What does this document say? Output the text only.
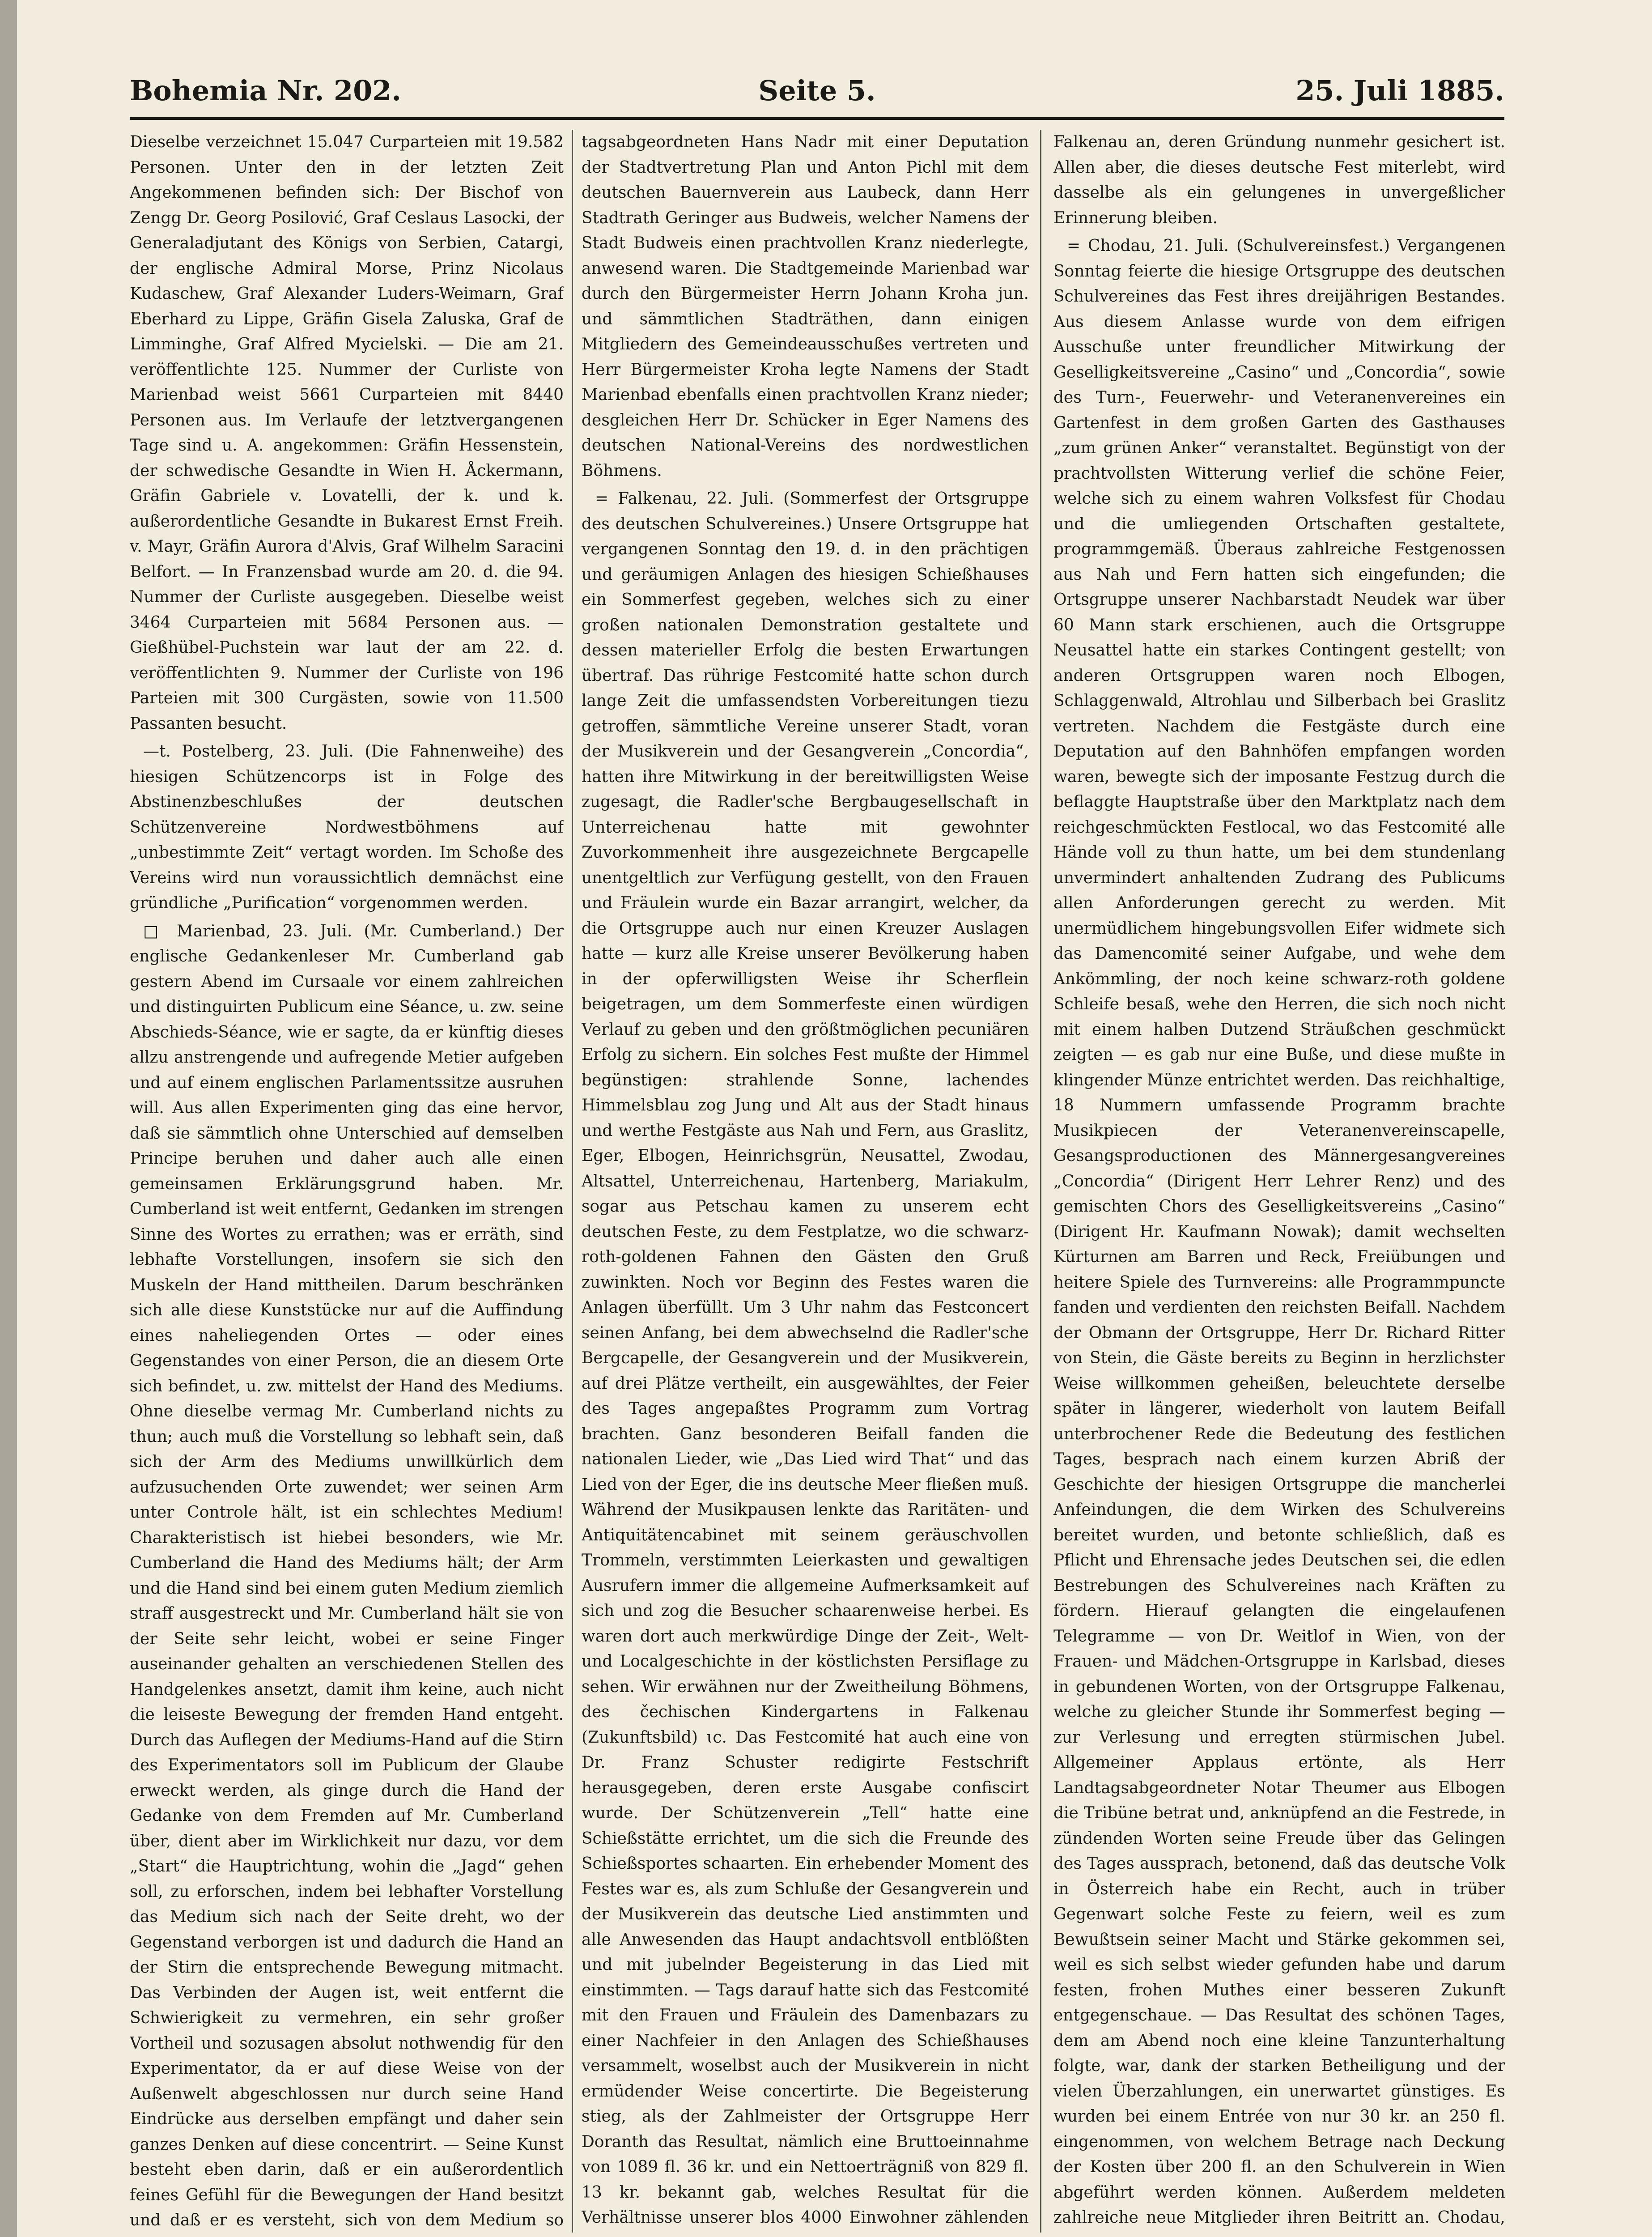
Bohemia Nr. 202.	Seite 5.	25. Juli 1885.

Dieselbe verzeichnet 15.047 Curparteien mit 19.582 Personen. Unter den in der letzten Zeit Angekommenen befinden sich: Der Bischof von Zengg Dr. Georg Posilović, Graf Ceslaus Lasocki, der Generaladjutant des Königs von Serbien, Catargi, der englische Admiral Morse, Prinz Nicolaus Kudaschew, Graf Alexander Luders-Weimarn, Graf Eberhard zu Lippe, Gräfin Gisela Zaluska, Graf de Limminghe, Graf Alfred Mycielski. — Die am 21. veröffentlichte 125. Nummer der Curliste von Marienbad weist 5661 Curparteien mit 8440 Personen aus. Im Verlaufe der letztvergangenen Tage sind u. A. angekommen: Gräfin Hessenstein, der schwedische Gesandte in Wien H. Åckermann, Gräfin Gabriele v. Lovatelli, der k. und k. außerordentliche Gesandte in Bukarest Ernst Freih. v. Mayr, Gräfin Aurora d'Alvis, Graf Wilhelm Saracini Belfort. — In Franzensbad wurde am 20. d. die 94. Nummer der Curliste ausgegeben. Dieselbe weist 3464 Curparteien mit 5684 Personen aus. — Gießhübel-Puchstein war laut der am 22. d. veröffentlichten 9. Nummer der Curliste von 196 Parteien mit 300 Curgästen, sowie von 11.500 Passanten besucht.

—t. Postelberg, 23. Juli. (Die Fahnenweihe) des hiesigen Schützencorps ist in Folge des Abstinenzbeschlußes der deutschen Schützenvereine Nordwestböhmens auf „unbestimmte Zeit“ vertagt worden. Im Schoße des Vereins wird nun voraussichtlich demnächst eine gründliche „Purification“ vorgenommen werden.

□ Marienbad, 23. Juli. (Mr. Cumberland.) Der englische Gedankenleser Mr. Cumberland gab gestern Abend im Cursaale vor einem zahlreichen und distinguirten Publicum eine Séance, u. zw. seine Abschieds-Séance, wie er sagte, da er künftig dieses allzu anstrengende und aufregende Metier aufgeben und auf einem englischen Parlamentssitze ausruhen will. Aus allen Experimenten ging das eine hervor, daß sie sämmtlich ohne Unterschied auf demselben Principe beruhen und daher auch alle einen gemeinsamen Erklärungsgrund haben. Mr. Cumberland ist weit entfernt, Gedanken im strengen Sinne des Wortes zu errathen; was er erräth, sind lebhafte Vorstellungen, insofern sie sich den Muskeln der Hand mittheilen. Darum beschränken sich alle diese Kunststücke nur auf die Auffindung eines naheliegenden Ortes — oder eines Gegenstandes von einer Person, die an diesem Orte sich befindet, u. zw. mittelst der Hand des Mediums. Ohne dieselbe vermag Mr. Cumberland nichts zu thun; auch muß die Vorstellung so lebhaft sein, daß sich der Arm des Mediums unwillkürlich dem aufzusuchenden Orte zuwendet; wer seinen Arm unter Controle hält, ist ein schlechtes Medium! Charakteristisch ist hiebei besonders, wie Mr. Cumberland die Hand des Mediums hält; der Arm und die Hand sind bei einem guten Medium ziemlich straff ausgestreckt und Mr. Cumberland hält sie von der Seite sehr leicht, wobei er seine Finger auseinander gehalten an verschiedenen Stellen des Handgelenkes ansetzt, damit ihm keine, auch nicht die leiseste Bewegung der fremden Hand entgeht. Durch das Auflegen der Mediums-Hand auf die Stirn des Experimentators soll im Publicum der Glaube erweckt werden, als ginge durch die Hand der Gedanke von dem Fremden auf Mr. Cumberland über, dient aber im Wirklichkeit nur dazu, vor dem „Start“ die Hauptrichtung, wohin die „Jagd“ gehen soll, zu erforschen, indem bei lebhafter Vorstellung das Medium sich nach der Seite dreht, wo der Gegenstand verborgen ist und dadurch die Hand an der Stirn die entsprechende Bewegung mitmacht. Das Verbinden der Augen ist, weit entfernt die Schwierigkeit zu vermehren, ein sehr großer Vortheil und sozusagen absolut nothwendig für den Experimentator, da er auf diese Weise von der Außenwelt abgeschlossen nur durch seine Hand Eindrücke aus derselben empfängt und daher sein ganzes Denken auf diese concentrirt. — Seine Kunst besteht eben darin, daß er ein außerordentlich feines Gefühl für die Bewegungen der Hand besitzt und daß er es versteht, sich von dem Medium so

tagsabgeordneten Hans Nadr mit einer Deputation der Stadtvertretung Plan und Anton Pichl mit dem deutschen Bauernverein aus Laubeck, dann Herr Stadtrath Geringer aus Budweis, welcher Namens der Stadt Budweis einen prachtvollen Kranz niederlegte, anwesend waren. Die Stadtgemeinde Marienbad war durch den Bürgermeister Herrn Johann Kroha jun. und sämmtlichen Stadträthen, dann einigen Mitgliedern des Gemeindeausschußes vertreten und Herr Bürgermeister Kroha legte Namens der Stadt Marienbad ebenfalls einen prachtvollen Kranz nieder; desgleichen Herr Dr. Schücker in Eger Namens des deutschen National-Vereins des nordwestlichen Böhmens.

= Falkenau, 22. Juli. (Sommerfest der Ortsgruppe des deutschen Schulvereines.) Unsere Ortsgruppe hat vergangenen Sonntag den 19. d. in den prächtigen und geräumigen Anlagen des hiesigen Schießhauses ein Sommerfest gegeben, welches sich zu einer großen nationalen Demonstration gestaltete und dessen materieller Erfolg die besten Erwartungen übertraf. Das rührige Festcomité hatte schon durch lange Zeit die umfassendsten Vorbereitungen tiezu getroffen, sämmtliche Vereine unserer Stadt, voran der Musikverein und der Gesangverein „Concordia“, hatten ihre Mitwirkung in der bereitwilligsten Weise zugesagt, die Radler'sche Bergbaugesellschaft in Unterreichenau hatte mit gewohnter Zuvorkommenheit ihre ausgezeichnete Bergcapelle unentgeltlich zur Verfügung gestellt, von den Frauen und Fräulein wurde ein Bazar arrangirt, welcher, da die Ortsgruppe auch nur einen Kreuzer Auslagen hatte — kurz alle Kreise unserer Bevölkerung haben in der opferwilligsten Weise ihr Scherflein beigetragen, um dem Sommerfeste einen würdigen Verlauf zu geben und den größtmöglichen pecuniären Erfolg zu sichern. Ein solches Fest mußte der Himmel begünstigen: strahlende Sonne, lachendes Himmelsblau zog Jung und Alt aus der Stadt hinaus und werthe Festgäste aus Nah und Fern, aus Graslitz, Eger, Elbogen, Heinrichsgrün, Neusattel, Zwodau, Altsattel, Unterreichenau, Hartenberg, Mariakulm, sogar aus Petschau kamen zu unserem echt deutschen Feste, zu dem Festplatze, wo die schwarz-roth-goldenen Fahnen den Gästen den Gruß zuwinkten. Noch vor Beginn des Festes waren die Anlagen überfüllt. Um 3 Uhr nahm das Festconcert seinen Anfang, bei dem abwechselnd die Radler'sche Bergcapelle, der Gesangverein und der Musikverein, auf drei Plätze vertheilt, ein ausgewähltes, der Feier des Tages angepaßtes Programm zum Vortrag brachten. Ganz besonderen Beifall fanden die nationalen Lieder, wie „Das Lied wird That“ und das Lied von der Eger, die ins deutsche Meer fließen muß. Während der Musikpausen lenkte das Raritäten- und Antiquitätencabinet mit seinem geräuschvollen Trommeln, verstimmten Leierkasten und gewaltigen Ausrufern immer die allgemeine Aufmerksamkeit auf sich und zog die Besucher schaarenweise herbei. Es waren dort auch merkwürdige Dinge der Zeit-, Welt- und Localgeschichte in der köstlichsten Persiflage zu sehen. Wir erwähnen nur der Zweitheilung Böhmens, des čechischen Kindergartens in Falkenau (Zukunftsbild) ɩc. Das Festcomité hat auch eine von Dr. Franz Schuster redigirte Festschrift herausgegeben, deren erste Ausgabe confiscirt wurde. Der Schützenverein „Tell“ hatte eine Schießstätte errichtet, um die sich die Freunde des Schießsportes schaarten. Ein erhebender Moment des Festes war es, als zum Schluße der Gesangverein und der Musikverein das deutsche Lied anstimmten und alle Anwesenden das Haupt andachtsvoll entblößten und mit jubelnder Begeisterung in das Lied mit einstimmten. — Tags darauf hatte sich das Festcomité mit den Frauen und Fräulein des Damenbazars zu einer Nachfeier in den Anlagen des Schießhauses versammelt, woselbst auch der Musikverein in nicht ermüdender Weise concertirte. Die Begeisterung stieg, als der Zahlmeister der Ortsgruppe Herr Doranth das Resultat, nämlich eine Bruttoeinnahme von 1089 fl. 36 kr. und ein Nettoerträgniß von 829 fl. 13 kr. bekannt gab, welches Resultat für die Verhältnisse unserer blos 4000 Einwohner zählenden

Falkenau an, deren Gründung nunmehr gesichert ist. Allen aber, die dieses deutsche Fest miterlebt, wird dasselbe als ein gelungenes in unvergeßlicher Erinnerung bleiben.

= Chodau, 21. Juli. (Schulvereinsfest.) Vergangenen Sonntag feierte die hiesige Ortsgruppe des deutschen Schulvereines das Fest ihres dreijährigen Bestandes. Aus diesem Anlasse wurde von dem eifrigen Ausschuße unter freundlicher Mitwirkung der Geselligkeitsvereine „Casino“ und „Concordia“, sowie des Turn-, Feuerwehr- und Veteranenvereines ein Gartenfest in dem großen Garten des Gasthauses „zum grünen Anker“ veranstaltet. Begünstigt von der prachtvollsten Witterung verlief die schöne Feier, welche sich zu einem wahren Volksfest für Chodau und die umliegenden Ortschaften gestaltete, programmgemäß. Überaus zahlreiche Festgenossen aus Nah und Fern hatten sich eingefunden; die Ortsgruppe unserer Nachbarstadt Neudek war über 60 Mann stark erschienen, auch die Ortsgruppe Neusattel hatte ein starkes Contingent gestellt; von anderen Ortsgruppen waren noch Elbogen, Schlaggenwald, Altrohlau und Silberbach bei Graslitz vertreten. Nachdem die Festgäste durch eine Deputation auf den Bahnhöfen empfangen worden waren, bewegte sich der imposante Festzug durch die beflaggte Hauptstraße über den Marktplatz nach dem reichgeschmückten Festlocal, wo das Festcomité alle Hände voll zu thun hatte, um bei dem stundenlang unvermindert anhaltenden Zudrang des Publicums allen Anforderungen gerecht zu werden. Mit unermüdlichem hingebungsvollen Eifer widmete sich das Damencomité seiner Aufgabe, und wehe dem Ankömmling, der noch keine schwarz-roth goldene Schleife besaß, wehe den Herren, die sich noch nicht mit einem halben Dutzend Sträußchen geschmückt zeigten — es gab nur eine Buße, und diese mußte in klingender Münze entrichtet werden. Das reichhaltige, 18 Nummern umfassende Programm brachte Musikpiecen der Veteranenvereinscapelle, Gesangsproductionen des Männergesangvereines „Concordia“ (Dirigent Herr Lehrer Renz) und des gemischten Chors des Geselligkeitsvereins „Casino“ (Dirigent Hr. Kaufmann Nowak); damit wechselten Kürturnen am Barren und Reck, Freiübungen und heitere Spiele des Turnvereins: alle Programmpuncte fanden und verdienten den reichsten Beifall. Nachdem der Obmann der Ortsgruppe, Herr Dr. Richard Ritter von Stein, die Gäste bereits zu Beginn in herzlichster Weise willkommen geheißen, beleuchtete derselbe später in längerer, wiederholt von lautem Beifall unterbrochener Rede die Bedeutung des festlichen Tages, besprach nach einem kurzen Abriß der Geschichte der hiesigen Ortsgruppe die mancherlei Anfeindungen, die dem Wirken des Schulvereins bereitet wurden, und betonte schließlich, daß es Pflicht und Ehrensache jedes Deutschen sei, die edlen Bestrebungen des Schulvereines nach Kräften zu fördern. Hierauf gelangten die eingelaufenen Telegramme — von Dr. Weitlof in Wien, von der Frauen- und Mädchen-Ortsgruppe in Karlsbad, dieses in gebundenen Worten, von der Ortsgruppe Falkenau, welche zu gleicher Stunde ihr Sommerfest beging — zur Verlesung und erregten stürmischen Jubel. Allgemeiner Applaus ertönte, als Herr Landtagsabgeordneter Notar Theumer aus Elbogen die Tribüne betrat und, anknüpfend an die Festrede, in zündenden Worten seine Freude über das Gelingen des Tages aussprach, betonend, daß das deutsche Volk in Österreich habe ein Recht, auch in trüber Gegenwart solche Feste zu feiern, weil es zum Bewußtsein seiner Macht und Stärke gekommen sei, weil es sich selbst wieder gefunden habe und darum festen, frohen Muthes einer besseren Zukunft entgegenschaue. — Das Resultat des schönen Tages, dem am Abend noch eine kleine Tanzunterhaltung folgte, war, dank der starken Betheiligung und der vielen Überzahlungen, ein unerwartet günstiges. Es wurden bei einem Entrée von nur 30 kr. an 250 fl. eingenommen, von welchem Betrage nach Deckung der Kosten über 200 fl. an den Schulverein in Wien abgeführt werden können. Außerdem meldeten zahlreiche neue Mitglieder ihren Beitritt an. Chodau,
